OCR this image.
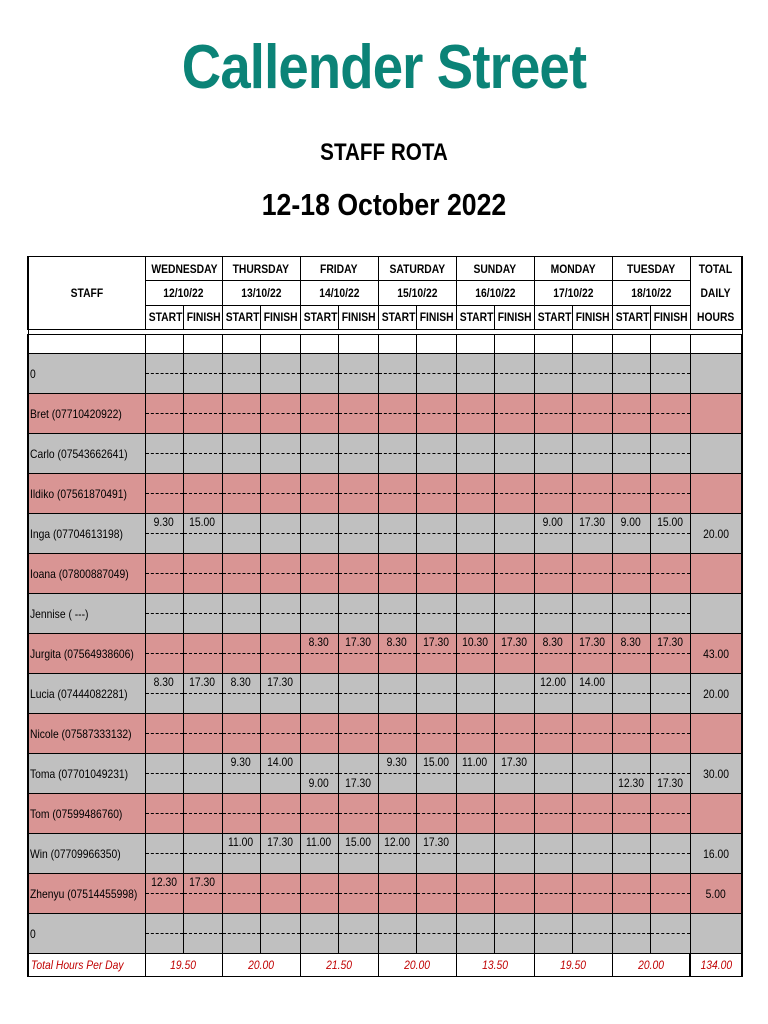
Callender Street
STAFF ROTA
12-18 October 2022
STAFF	WEDNESDAY		THURSDAY		FRIDAY		SATURDAY		SUNDAY		MONDAY		TUESDAY		TOTAL
DAILY
HOURS

	12/10/22		13/10/22		14/10/22		15/10/22		16/10/22		17/10/22		18/10/22		
	START	FINISH	START	FINISH	START	FINISH	START	FINISH	START	FINISH	START	FINISH	START	FINISH	

0	

Bret (07710420922)	

Carlo (07543662641)	

Ildiko (07561870491)	

Inga (07704613198)	9.30	15.00									9.00	17.30	9.00	15.00	20.00
Ioana (07800887049)	

Jennise ( ---)	

Jurgita (07564938606)					8.30	17.30	8.30	17.30	10.30	17.30	8.30	17.30	8.30	17.30	43.00
Lucia (07444082281)	8.30	17.30	8.30	17.30							12.00	14.00			20.00
Nicole (07587333132)	

Toma (07701049231)			9.30	14.00	9.00	17.30	9.30	15.00	11.00	17.30			12.30	17.30	30.00
Tom (07599486760)	

Win (07709966350)			11.00	17.30	11.00	15.00	12.00	17.30							16.00
Zhenyu (07514455998)	12.30	17.30													5.00
0	

Total Hours Per Day	19.50		20.00		21.50		20.00		13.50		19.50		20.00		134.00
